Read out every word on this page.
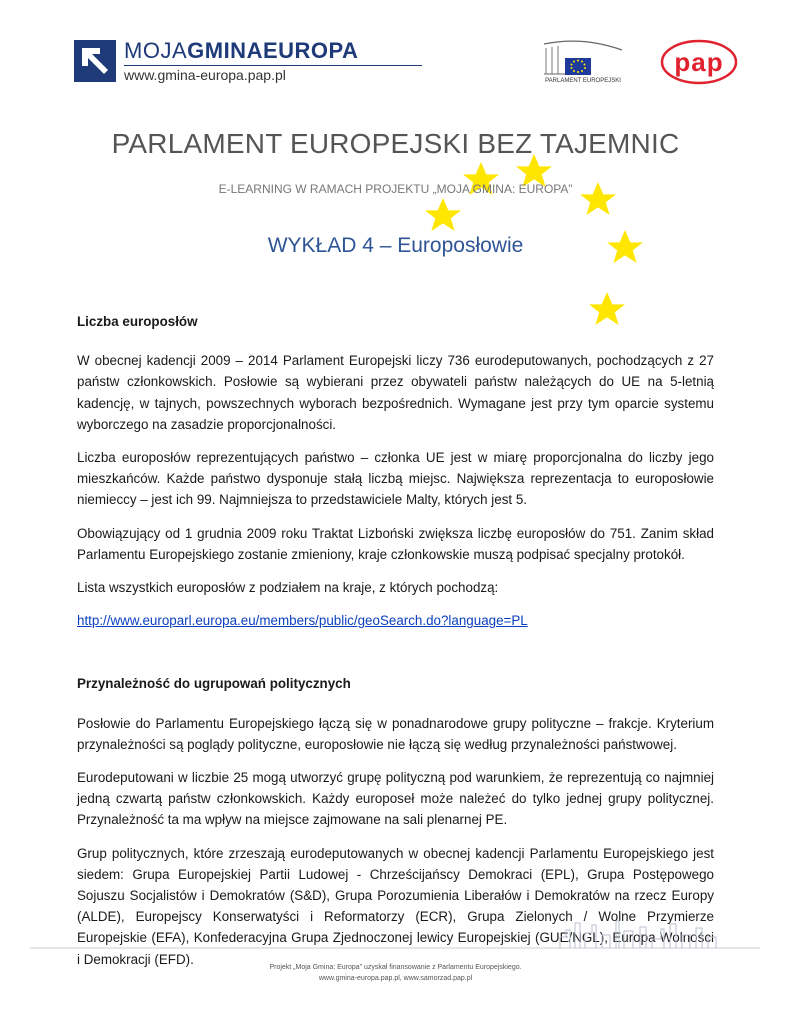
MOJAGMINAEUROPA
www.gmina-europa.pap.pl	PARLAMENT EUROPEJSKI
pap
PARLAMENT EUROPEJSKI BEZ TAJEMNIC
E-LEARNING W RAMACH PROJEKTU „MOJA GMINA: EUROPA”
WYKŁAD 4 – Europosłowie
Liczba europosłów

W obecnej kadencji 2009 – 2014 Parlament Europejski liczy 736 eurodeputowanych, pochodzących z 27 państw członkowskich. Posłowie są wybierani przez obywateli państw należących do UE na 5-letnią kadencję, w tajnych, powszechnych wyborach bezpośrednich. Wymagane jest przy tym oparcie systemu wyborczego na zasadzie proporcjonalności.

Liczba europosłów reprezentujących państwo – członka UE jest w miarę proporcjonalna do liczby jego mieszkańców. Każde państwo dysponuje stałą liczbą miejsc. Największa reprezentacja to europosłowie niemieccy – jest ich 99. Najmniejsza to przedstawiciele Malty, których jest 5.

Obowiązujący od 1 grudnia 2009 roku Traktat Lizboński zwiększa liczbę europosłów do 751. Zanim skład Parlamentu Europejskiego zostanie zmieniony, kraje członkowskie muszą podpisać specjalny protokół.

Lista wszystkich europosłów z podziałem na kraje, z których pochodzą:

http://www.europarl.europa.eu/members/public/geoSearch.do?language=PL

Przynależność do ugrupowań politycznych

Posłowie do Parlamentu Europejskiego łączą się w ponadnarodowe grupy polityczne – frakcje. Kryterium przynależności są poglądy polityczne, europosłowie nie łączą się według przynależności państwowej.

Eurodeputowani w liczbie 25 mogą utworzyć grupę polityczną pod warunkiem, że reprezentują co najmniej jedną czwartą państw członkowskich. Każdy europoseł może należeć do tylko jednej grupy politycznej. Przynależność ta ma wpływ na miejsce zajmowane na sali plenarnej PE.

Grup politycznych, które zrzeszają eurodeputowanych w obecnej kadencji Parlamentu Europejskiego jest siedem: Grupa Europejskiej Partii Ludowej - Chrześcijańscy Demokraci (EPL), Grupa Postępowego Sojuszu Socjalistów i Demokratów (S&D), Grupa Porozumienia Liberałów i Demokratów na rzecz Europy (ALDE), Europejscy Konserwatyści i Reformatorzy (ECR), Grupa Zielonych / Wolne Przymierze Europejskie (EFA), Konfederacyjna Grupa Zjednoczonej lewicy Europejskiej (GUE/NGL), Europa Wolności i Demokracji (EFD).

Projekt „Moja Gmina: Europa” uzyskał finansowanie z Parlamentu Europejskiego.
www.gmina-europa.pap.pl, www.samorzad.pap.pl
